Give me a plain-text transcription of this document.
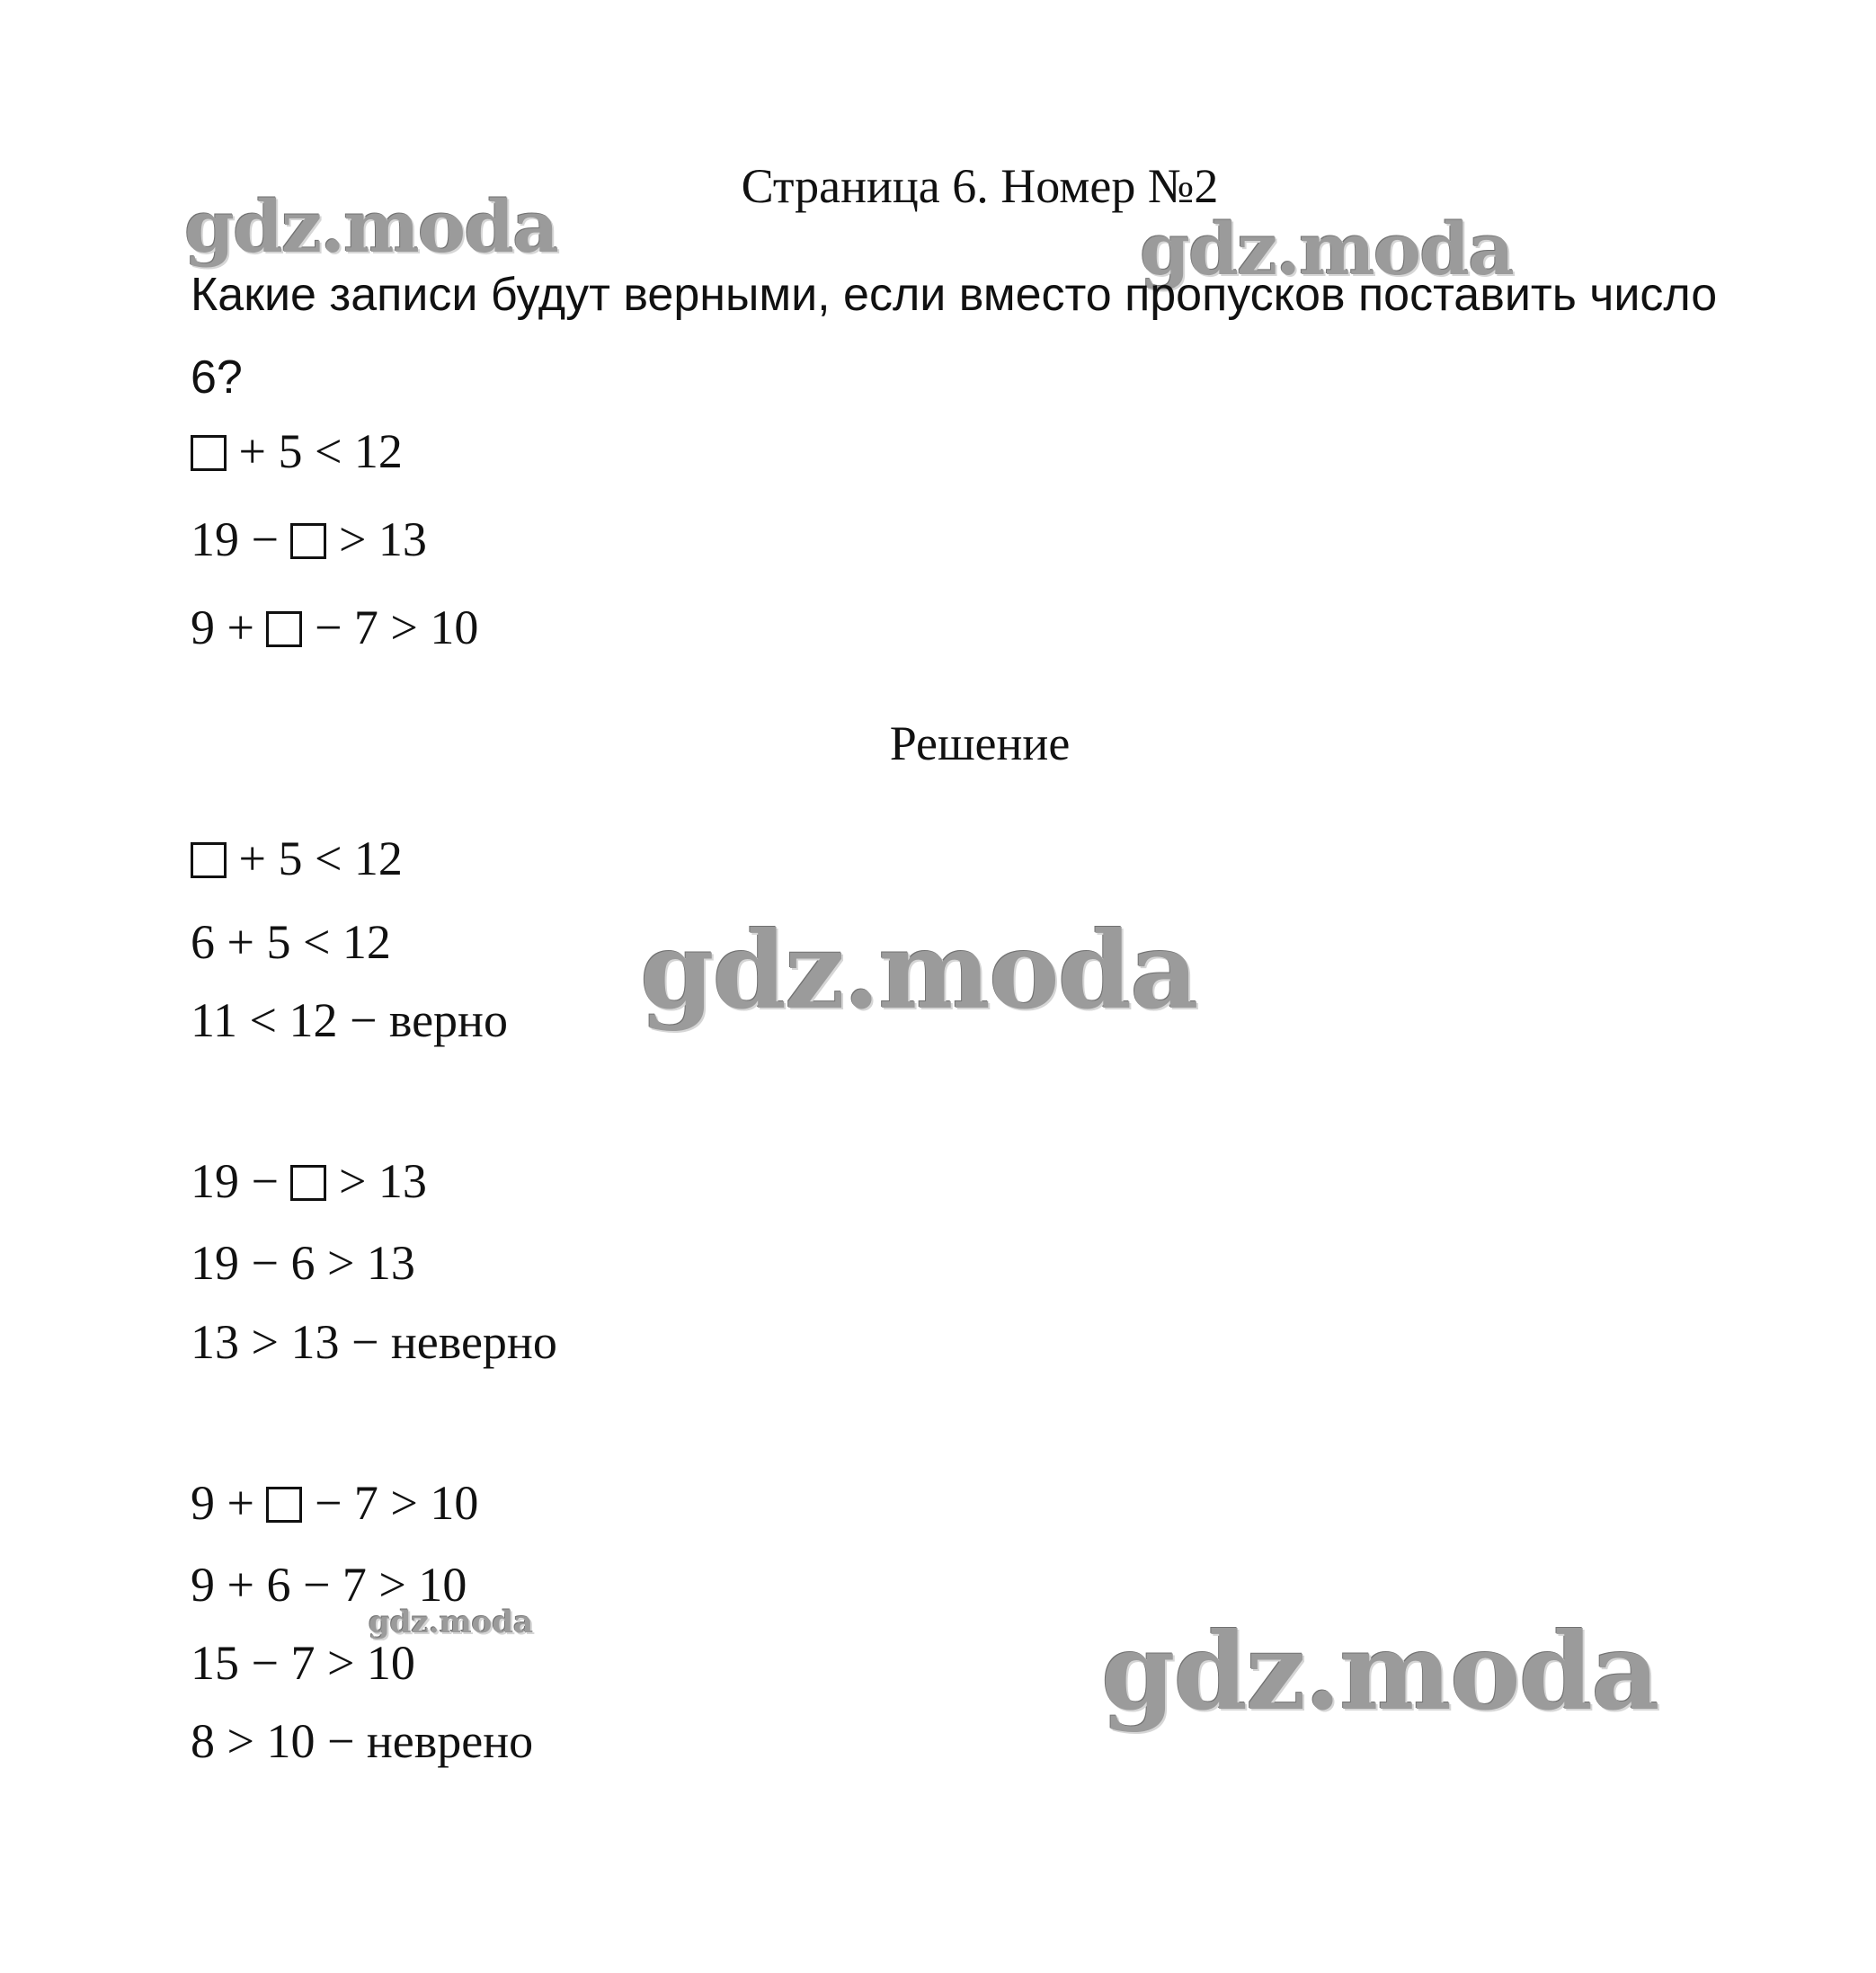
gdz.moda	gdz.moda
gdz.moda
gdz.moda	gdz.moda
Страница 6. Номер №2
Какие записи будут верными, если вместо пропусков поставить число 6?
+ 5 < 12
19 −  > 13
9 +  − 7 > 10
Решение
+ 5 < 12
6 + 5 < 12
11 < 12 − верно
19 −  > 13
19 − 6 > 13
13 > 13 − неверно
9 +  − 7 > 10
9 + 6 − 7 > 10
15 − 7 > 10
8 > 10 − неврено
